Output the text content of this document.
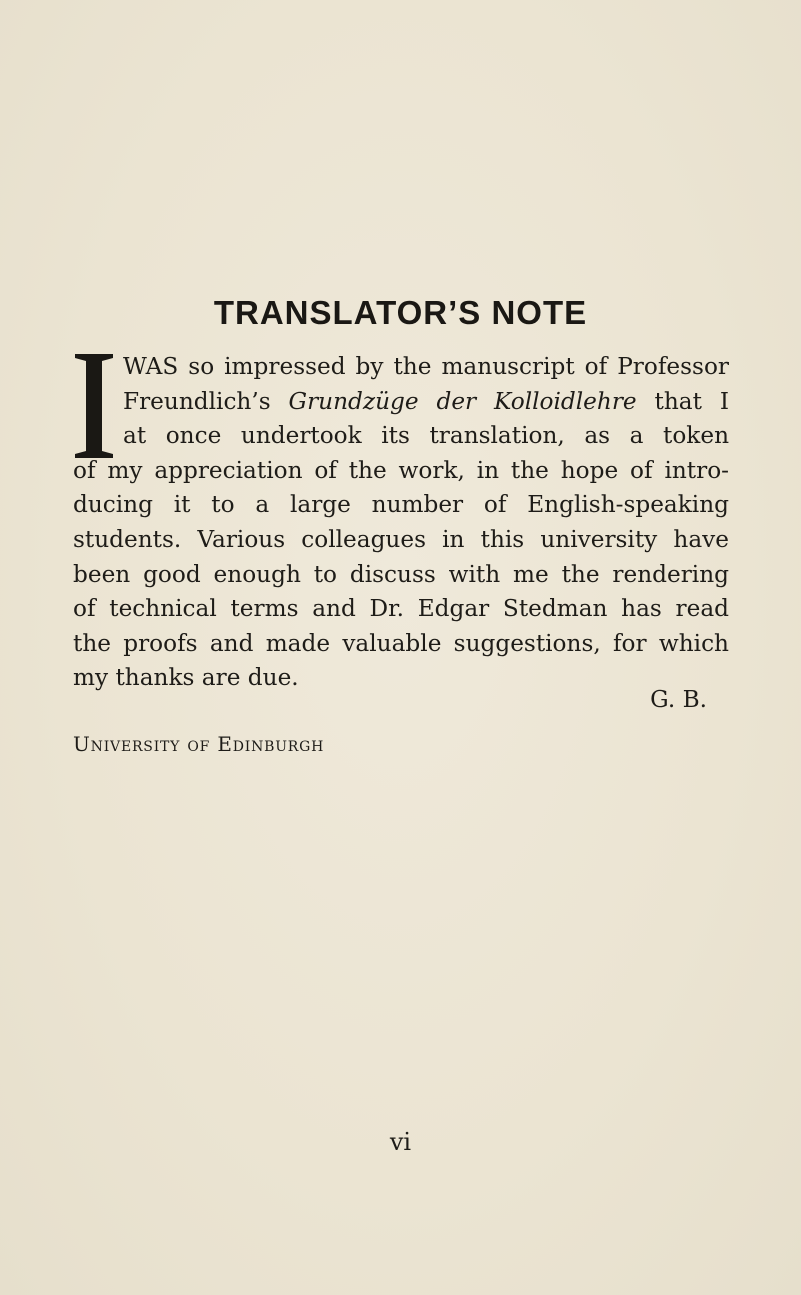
TRANSLATOR’S NOTE
I
WAS so impressed by the manuscript of Professor
Freundlich’s Grundzüge der Kolloidlehre that I
at once undertook its translation, as a token
of my appreciation of the work, in the hope of intro-
ducing it to a large number of English-speaking
students. Various colleagues in this university have
been good enough to discuss with me the rendering
of technical terms and Dr. Edgar Stedman has read
the proofs and made valuable suggestions, for which
my thanks are due.

G. B.

University of Edinburgh

vi
